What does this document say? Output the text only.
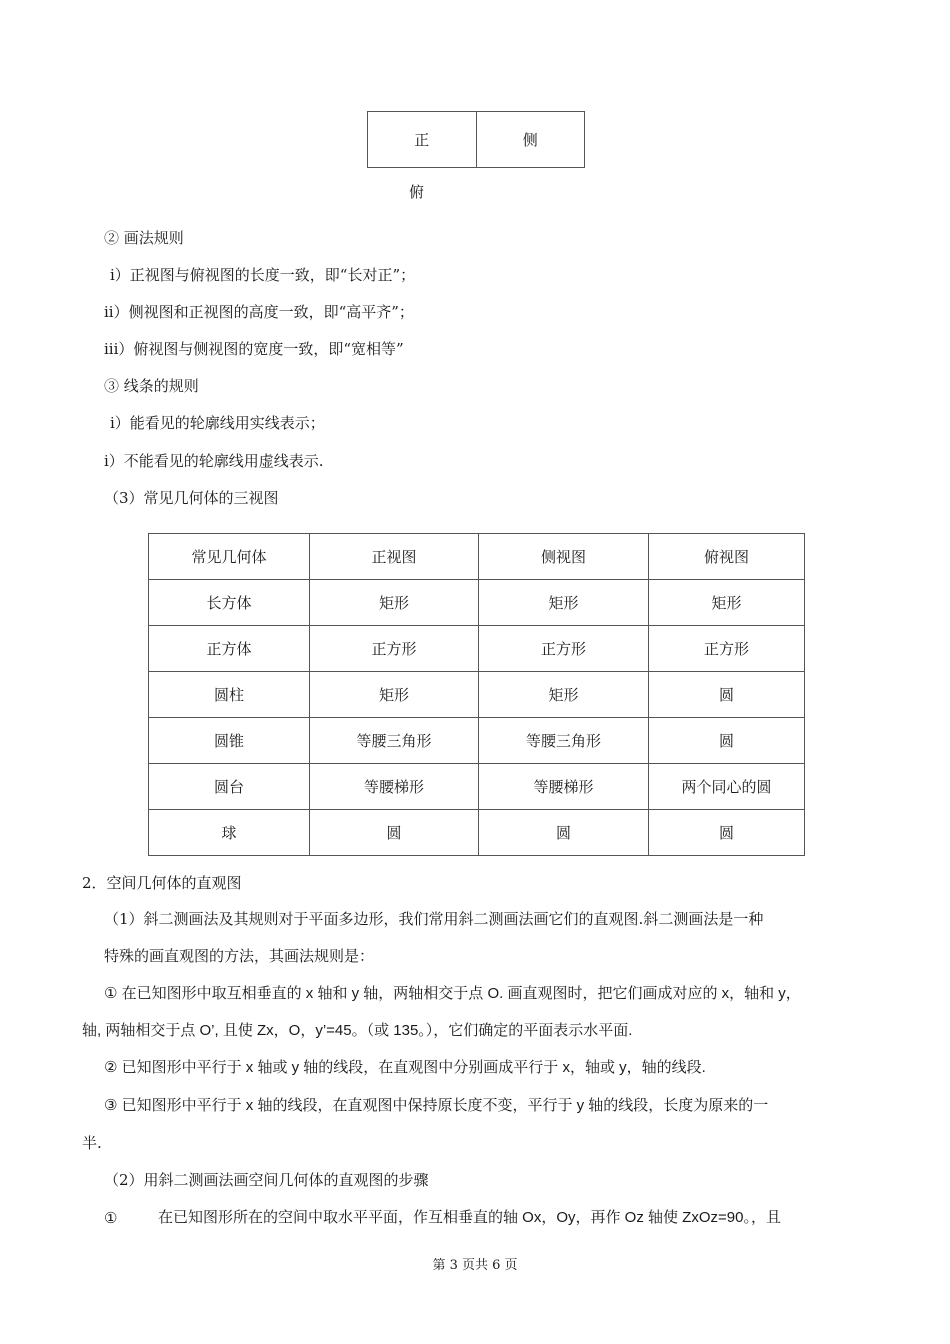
正	侧
俯
② 画法规则
i）正视图与俯视图的长度一致，即“长对正”；
ii）侧视图和正视图的高度一致，即“高平齐”；
iii）俯视图与侧视图的宽度一致，即“宽相等”
③ 线条的规则
i）能看见的轮廓线用实线表示；
i）不能看见的轮廓线用虚线表示.
（3）常见几何体的三视图
常见几何体	正视图	侧视图	俯视图
长方体	矩形	矩形	矩形
正方体	正方形	正方形	正方形
圆柱	矩形	矩形	圆
圆锥	等腰三角形	等腰三角形	圆
圆台	等腰梯形	等腰梯形	两个同心的圆
球	圆	圆	圆
2．空间几何体的直观图
（1）斜二测画法及其规则对于平面多边形，我们常用斜二测画法画它们的直观图.斜二测画法是一种
特殊的画直观图的方法，其画法规则是：
① 在已知图形中取互相垂直的 x 轴和 y 轴，两轴相交于点 O. 画直观图时，把它们画成对应的 x，轴和 y，
轴, 两轴相交于点 O’, 且使 Zx，O，y’=45。（或 135。），它们确定的平面表示水平面.
② 已知图形中平行于 x 轴或 y 轴的线段，在直观图中分别画成平行于 x，轴或 y，轴的线段.
③ 已知图形中平行于 x 轴的线段，在直观图中保持原长度不变，平行于 y 轴的线段，长度为原来的一
半.
（2）用斜二测画法画空间几何体的直观图的步骤
①	在已知图形所在的空间中取水平平面，作互相垂直的轴 Ox，Oy，再作 Oz 轴使 ZxOz=90。，且
第 3 页共 6 页
